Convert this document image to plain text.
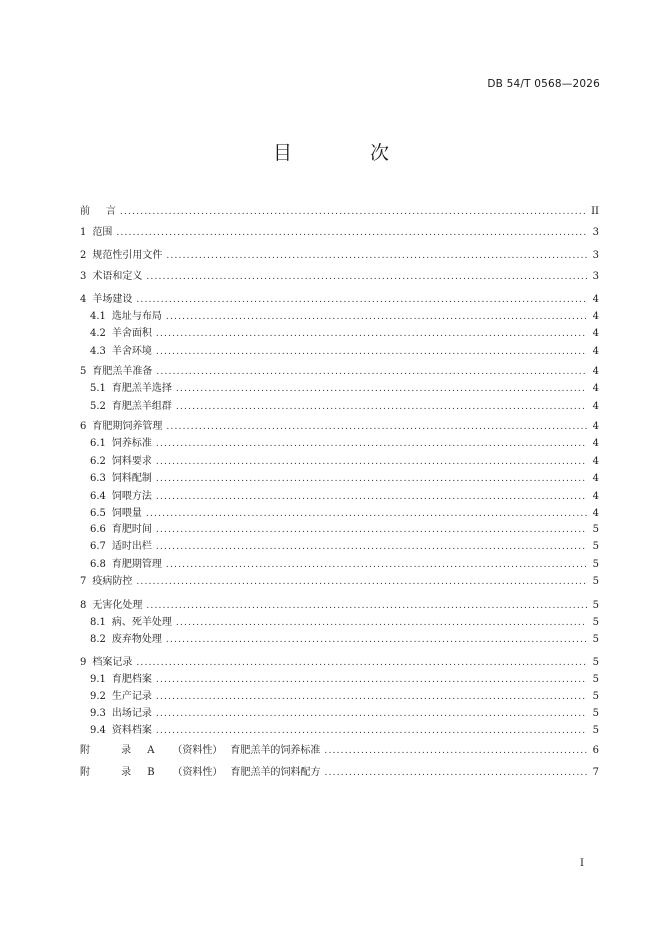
DB 54/T 0568—2026
目 次
前     言 .....	II
1 范围 .....	3
2 规范性引用文件 .....	3
3 术语和定义 .....	3
4 羊场建设 .....	4
4.1 选址与布局 .....	4
4.2 羊舍面积 .....	4
4.3 羊舍环境 .....	4
5 育肥羔羊准备 .....	4
5.1 育肥羔羊选择 .....	4
5.2 育肥羔羊组群 .....	4
6 育肥期饲养管理 .....	4
6.1 饲养标准 .....	4
6.2 饲料要求 .....	4
6.3 饲料配制 .....	4
6.4 饲喂方法 .....	4
6.5 饲喂量 .....	4
6.6 育肥时间 .....	5
6.7 适时出栏 .....	5
6.8 育肥期管理 .....	5
7 疫病防控 .....	5
8 无害化处理 .....	5
8.1 病、死羊处理 .....	5
8.2 废弃物处理 .....	5
9 档案记录 .....	5
9.1 育肥档案 .....	5
9.2 生产记录 .....	5
9.3 出场记录 .....	5
9.4 资料档案 .....	5
附 录 A （资料性） 育肥羔羊的饲养标准 .....	6
附 录 B （资料性） 育肥羔羊的饲料配方 .....	7
I
